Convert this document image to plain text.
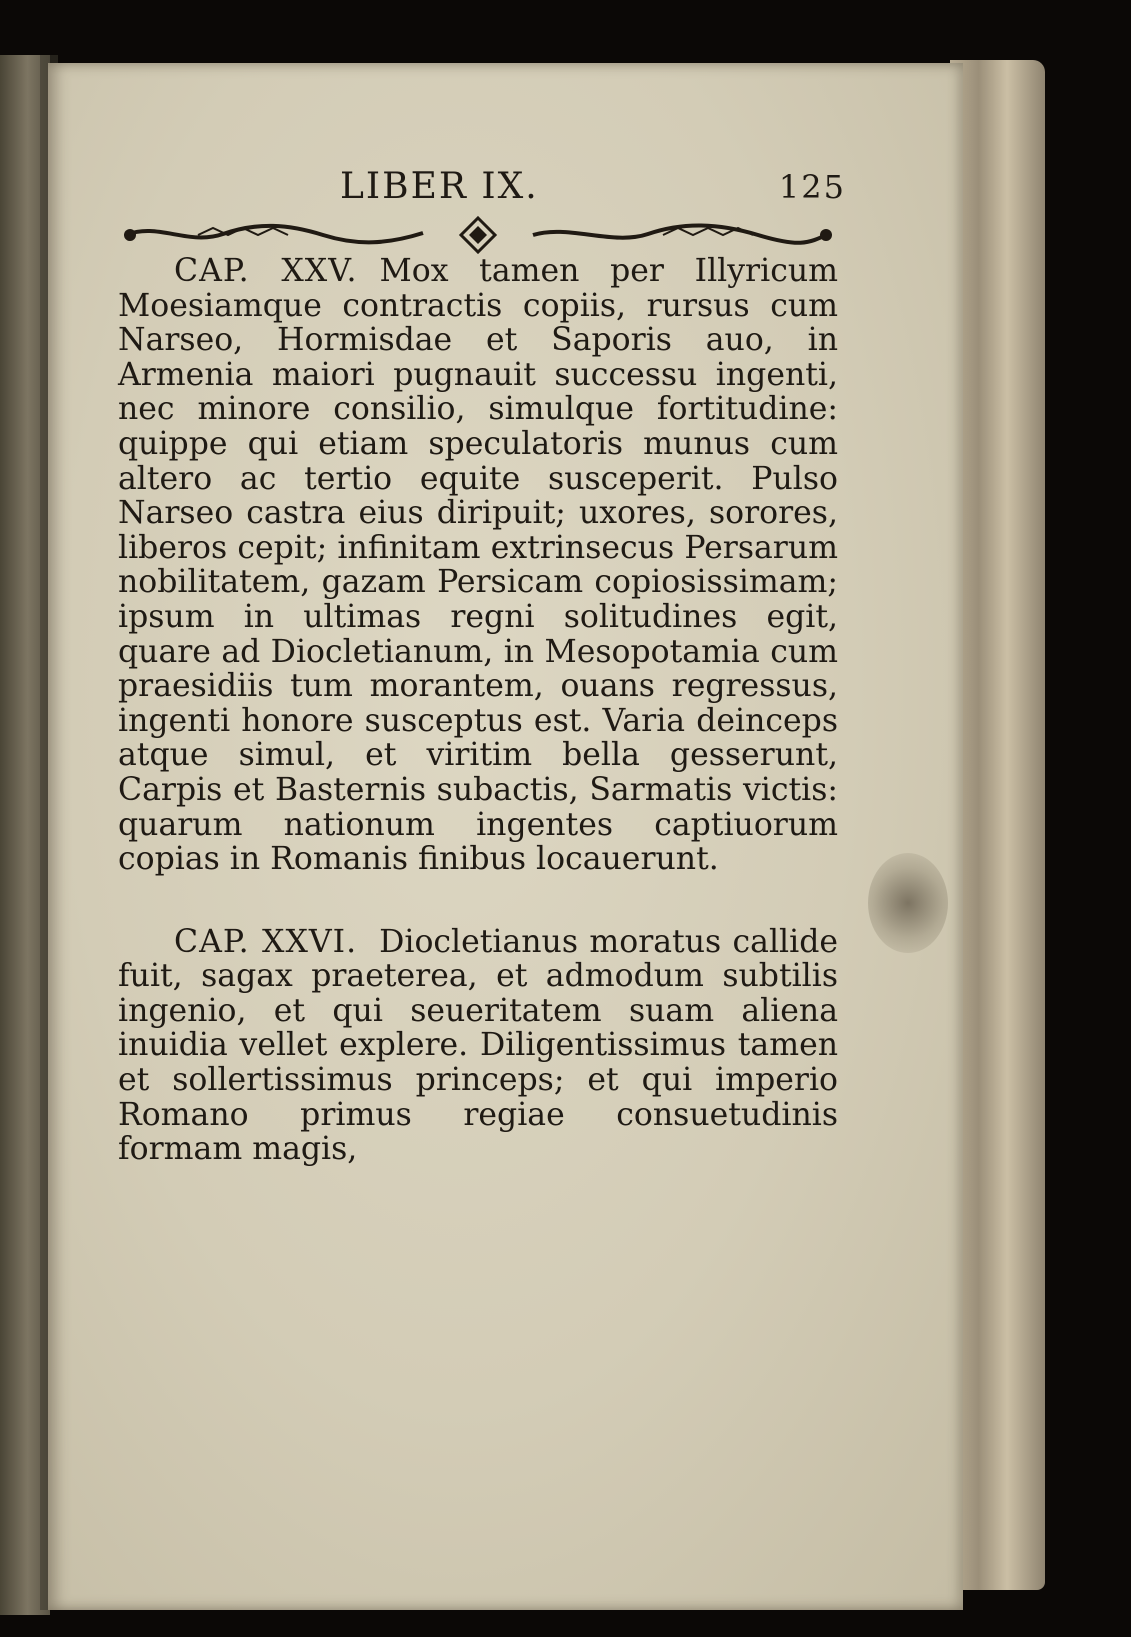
LIBER IX.	125

CAP. XXV. Mox tamen per Illyricum Moesiamque contractis copiis, rursus cum Narseo, Hormisdae et Saporis auo, in Armenia maiori pugnauit successu ingenti, nec minore consilio, simulque fortitudine: quippe qui etiam speculatoris munus cum altero ac tertio equite susceperit. Pulso Narseo castra eius diripuit; uxores, sorores, liberos cepit; infinitam extrinsecus Persarum nobilitatem, gazam Persicam copiosissimam; ipsum in ultimas regni solitudines egit, quare ad Diocletianum, in Mesopotamia cum praesidiis tum morantem, ouans regressus, ingenti honore susceptus est. Varia deinceps atque simul, et viritim bella gesserunt, Carpis et Basternis subactis, Sarmatis victis: quarum nationum ingentes captiuorum copias in Romanis finibus locauerunt.

CAP. XXVI. Diocletianus moratus callide fuit, sagax praeterea, et admodum subtilis ingenio, et qui seueritatem suam aliena inuidia vellet explere. Diligentissimus tamen et sollertissimus princeps; et qui imperio Romano primus regiae consuetudinis formam magis,
